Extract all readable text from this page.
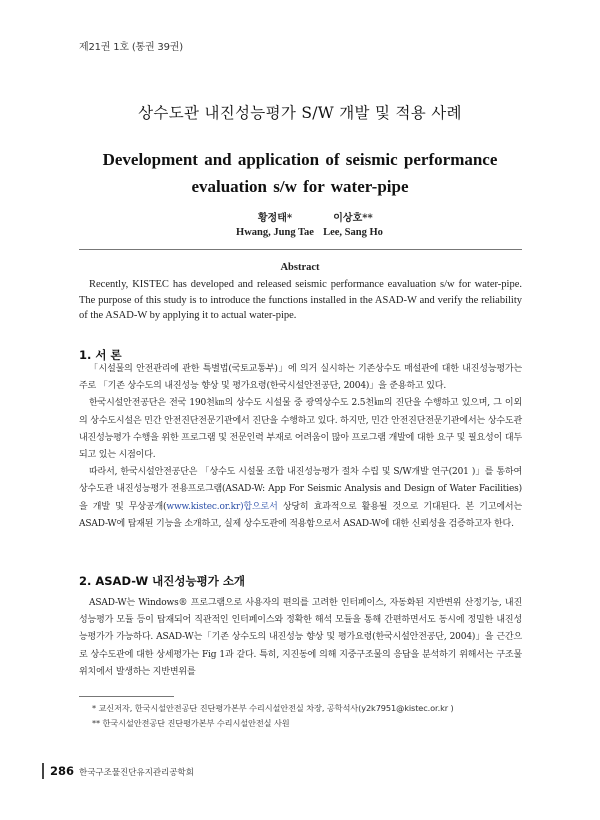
제21권 1호 (통권 39권)
상수도관 내진성능평가 S/W 개발 및 적용 사례
Development and application of seismic performance
evaluation s/w for water-pipe
황정태*
Hwang, Jung Tae
이상호**
Lee, Sang Ho
Abstract
Recently, KISTEC has developed and released seismic performance eavaluation s/w for water-pipe. The purpose of this study is to introduce the functions installed in the ASAD-W and verify the reliability of the ASAD-W by applying it to actual water-pipe.
1. 서 론

「시설물의 안전관리에 관한 특별법(국토교통부)」에 의거 실시하는 기존상수도 매설관에 대한 내진성능평가는 주로 「기존 상수도의 내진성능 향상 및 평가요령(한국시설안전공단, 2004)」을 준용하고 있다.

한국시설안전공단은 전국 190천㎞의 상수도 시설물 중 광역상수도 2.5천㎞의 진단을 수행하고 있으며, 그 이외의 상수도시설은 민간 안전진단전문기관에서 진단을 수행하고 있다. 하지만, 민간 안전진단전문기관에서는 상수도관 내진성능평가 수행을 위한 프로그램 및 전문인력 부재로 어려움이 많아 프로그램 개발에 대한 요구 및 필요성이 대두되고 있는 시점이다.

따라서, 한국시설안전공단은 「상수도 시설물 조합 내진성능평가 절차 수립 및 S/W개발 연구(201 )」를 통하여 상수도관 내진성능평가 전용프로그램(ASAD-W: App For Seismic Analysis and Design of Water Facilities)을 개발 및 무상공개(www.kistec.or.kr)합으로서 상당히 효과적으로 활용될 것으로 기대된다. 본 기고에서는 ASAD-W에 탑재된 기능을 소개하고, 실제 상수도관에 적용함으로서 ASAD-W에 대한 신뢰성을 검증하고자 한다.

2. ASAD-W 내진성능평가 소개

ASAD-W는 Windows® 프로그램으로 사용자의 편의를 고려한 인터페이스, 자동화된 지반변위 산정기능, 내진성능평가 모듈 등이 탑재되어 직관적인 인터페이스와 정확한 해석 모듈을 통해 간편하면서도 동시에 정밀한 내진성능평가가 가능하다. ASAD-W는「기존 상수도의 내진성능 향상 및 평가요령(한국시설안전공단, 2004)」을 근간으로 상수도관에 대한 상세평가는 Fig 1과 같다. 특히, 지진동에 의해 지중구조물의 응답을 분석하기 위해서는 구조물 위치에서 발생하는 지반변위를

* 교신저자, 한국시설안전공단 진단평가본부 수리시설안전실 차장, 공학석사(y2k7951@kistec.or.kr )
** 한국시설안전공단 진단평가본부 수리시설안전실 사원
286 한국구조물진단유지관리공학회
